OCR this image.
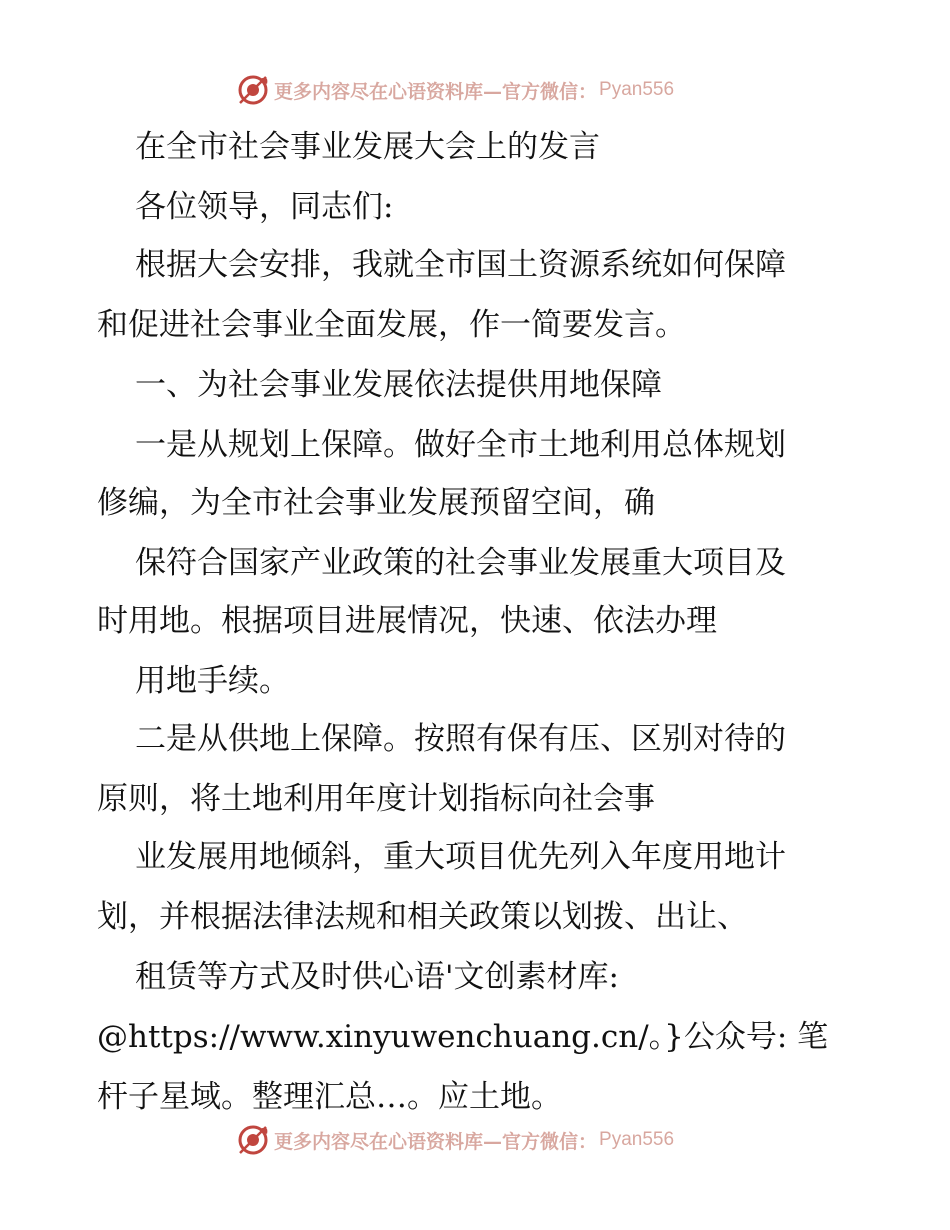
更多内容尽在心语资料库—官方微信： Pyan556
在全市社会事业发展大会上的发言
各位领导，同志们:
根据大会安排，我就全市国土资源系统如何保障
和促进社会事业全面发展，作一简要发言。
一、为社会事业发展依法提供用地保障
一是从规划上保障。做好全市土地利用总体规划
修编，为全市社会事业发展预留空间，确
保符合国家产业政策的社会事业发展重大项目及
时用地。根据项目进展情况，快速、依法办理
用地手续。
二是从供地上保障。按照有保有压、区别对待的
原则，将土地利用年度计划指标向社会事
业发展用地倾斜，重大项目优先列入年度用地计
划，并根据法律法规和相关政策以划拨、出让、
租赁等方式及时供心语'文创素材库:
@https://www.xinyuwenchuang.cn/。}公众号: 笔
杆子星域。整理汇总…。应土地。
更多内容尽在心语资料库—官方微信： Pyan556
